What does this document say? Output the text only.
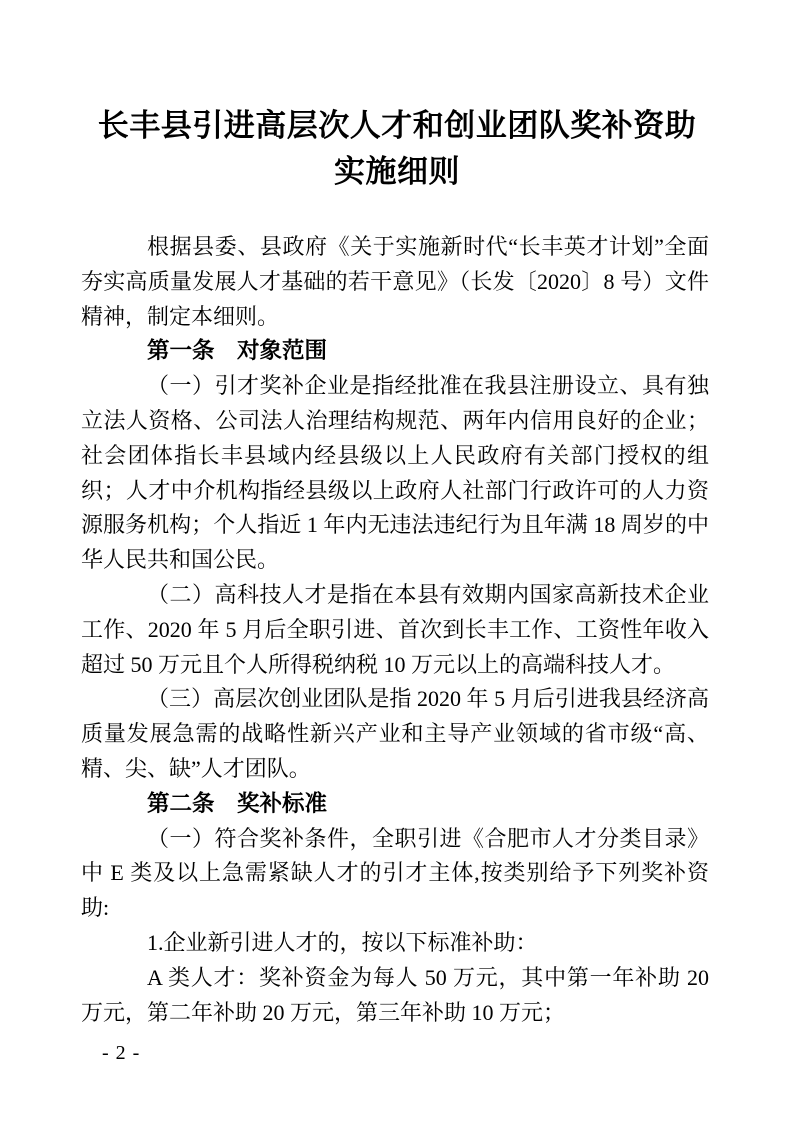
长丰县引进高层次人才和创业团队奖补资助
实施细则

根据县委、县政府《关于实施新时代“长丰英才计划”全面夯实高质量发展人才基础的若干意见》（长发〔2020〕8 号）文件精神，制定本细则。

第一条　对象范围

（一）引才奖补企业是指经批准在我县注册设立、具有独立法人资格、公司法人治理结构规范、两年内信用良好的企业；社会团体指长丰县域内经县级以上人民政府有关部门授权的组织；人才中介机构指经县级以上政府人社部门行政许可的人力资源服务机构；个人指近 1 年内无违法违纪行为且年满 18 周岁的中华人民共和国公民。

（二）高科技人才是指在本县有效期内国家高新技术企业工作、2020 年 5 月后全职引进、首次到长丰工作、工资性年收入超过 50 万元且个人所得税纳税 10 万元以上的高端科技人才。

（三）高层次创业团队是指 2020 年 5 月后引进我县经济高质量发展急需的战略性新兴产业和主导产业领域的省市级“高、精、尖、缺”人才团队。

第二条　奖补标准

（一）符合奖补条件，全职引进《合肥市人才分类目录》中 E 类及以上急需紧缺人才的引才主体,按类别给予下列奖补资助:

1.企业新引进人才的，按以下标准补助：

A 类人才：奖补资金为每人 50 万元，其中第一年补助 20 万元，第二年补助 20 万元，第三年补助 10 万元；

- 2 -
